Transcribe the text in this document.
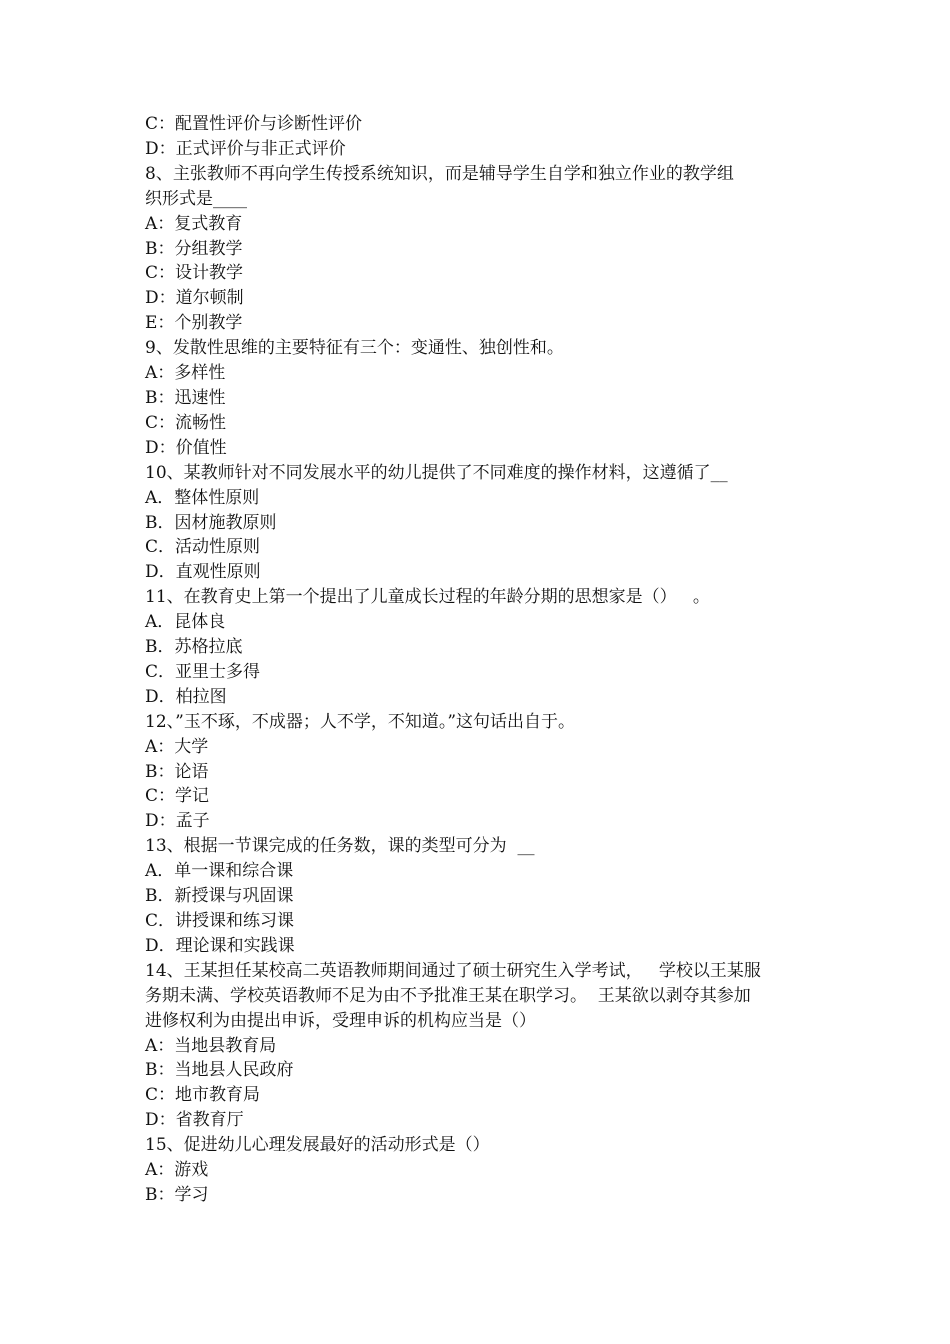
C：配置性评价与诊断性评价
D：正式评价与非正式评价
8、主张教师不再向学生传授系统知识，而是辅导学生自学和独立作业的教学组
织形式是____
A：复式教育
B：分组教学
C：设计教学
D：道尔顿制
E：个别教学
9、发散性思维的主要特征有三个：变通性、独创性和。
A：多样性
B：迅速性
C：流畅性
D：价值性
10、某教师针对不同发展水平的幼儿提供了不同难度的操作材料，这遵循了__
A．整体性原则
B．因材施教原则
C．活动性原则
D．直观性原则
11、在教育史上第一个提出了儿童成长过程的年龄分期的思想家是（）   。
A．昆体良
B．苏格拉底
C．亚里士多得
D．柏拉图
12、”玉不琢，不成器；人不学，不知道。”这句话出自于。
A：大学
B：论语
C：学记
D：孟子
13、根据一节课完成的任务数，课的类型可分为  __
A．单一课和综合课
B．新授课与巩固课
C．讲授课和练习课
D．理论课和实践课
14、王某担任某校高二英语教师期间通过了硕士研究生入学考试，   学校以王某服
务期未满、学校英语教师不足为由不予批准王某在职学习。  王某欲以剥夺其参加
进修权利为由提出申诉，受理申诉的机构应当是（）
A：当地县教育局
B：当地县人民政府
C：地市教育局
D：省教育厅
15、促进幼儿心理发展最好的活动形式是（）
A：游戏
B：学习
